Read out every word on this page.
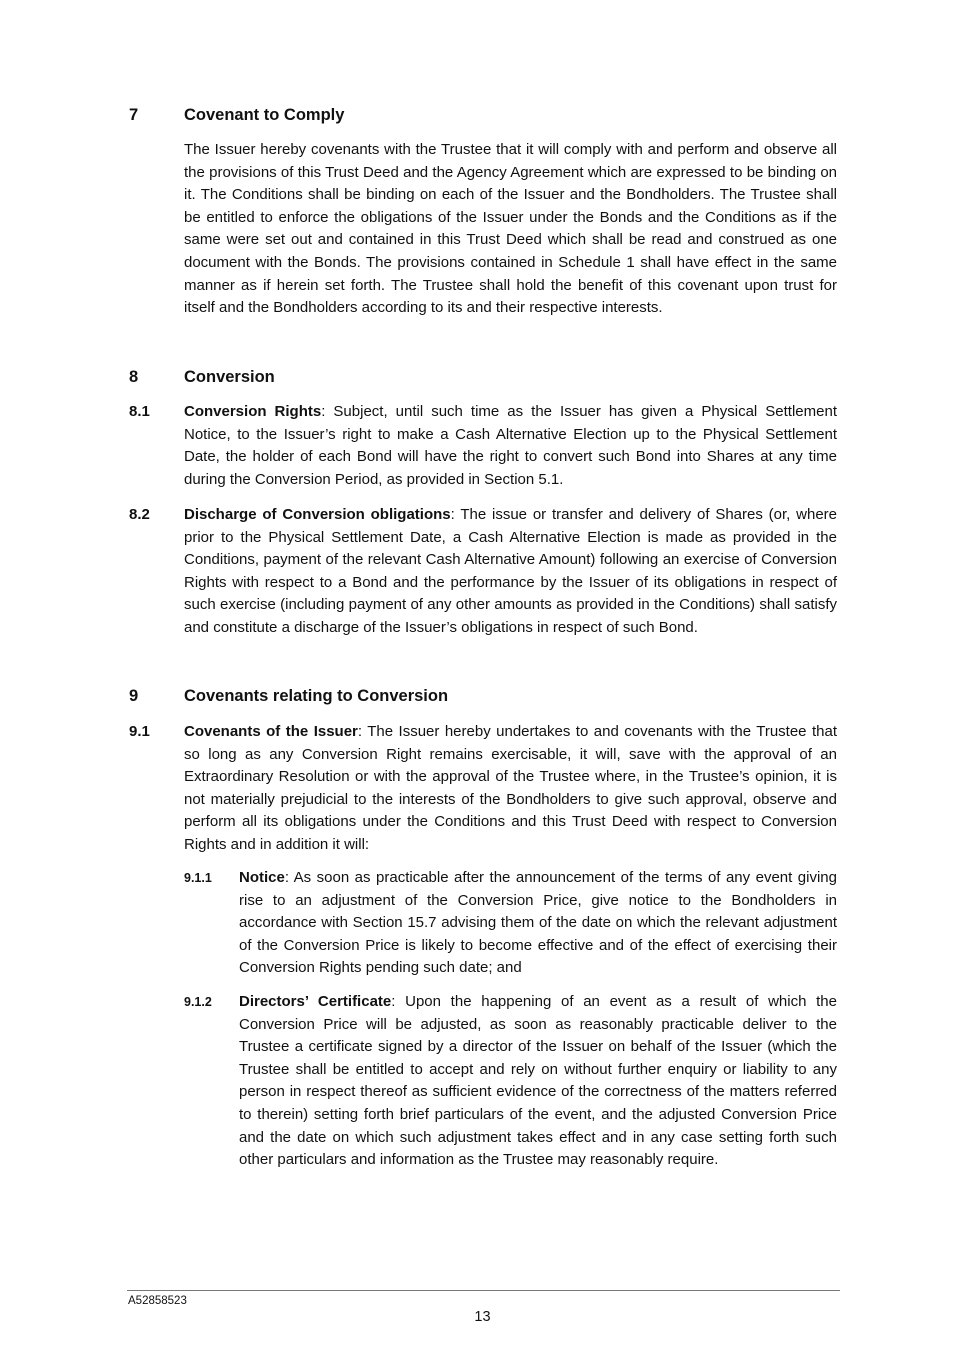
7	Covenant to Comply
The Issuer hereby covenants with the Trustee that it will comply with and perform and observe all the provisions of this Trust Deed and the Agency Agreement which are expressed to be binding on it. The Conditions shall be binding on each of the Issuer and the Bondholders. The Trustee shall be entitled to enforce the obligations of the Issuer under the Bonds and the Conditions as if the same were set out and contained in this Trust Deed which shall be read and construed as one document with the Bonds. The provisions contained in Schedule 1 shall have effect in the same manner as if herein set forth. The Trustee shall hold the benefit of this covenant upon trust for itself and the Bondholders according to its and their respective interests.
8	Conversion
8.1 Conversion Rights: Subject, until such time as the Issuer has given a Physical Settlement Notice, to the Issuer’s right to make a Cash Alternative Election up to the Physical Settlement Date, the holder of each Bond will have the right to convert such Bond into Shares at any time during the Conversion Period, as provided in Section 5.1.
8.2 Discharge of Conversion obligations: The issue or transfer and delivery of Shares (or, where prior to the Physical Settlement Date, a Cash Alternative Election is made as provided in the Conditions, payment of the relevant Cash Alternative Amount) following an exercise of Conversion Rights with respect to a Bond and the performance by the Issuer of its obligations in respect of such exercise (including payment of any other amounts as provided in the Conditions) shall satisfy and constitute a discharge of the Issuer’s obligations in respect of such Bond.
9	Covenants relating to Conversion
9.1 Covenants of the Issuer: The Issuer hereby undertakes to and covenants with the Trustee that so long as any Conversion Right remains exercisable, it will, save with the approval of an Extraordinary Resolution or with the approval of the Trustee where, in the Trustee’s opinion, it is not materially prejudicial to the interests of the Bondholders to give such approval, observe and perform all its obligations under the Conditions and this Trust Deed with respect to Conversion Rights and in addition it will:
9.1.1 Notice: As soon as practicable after the announcement of the terms of any event giving rise to an adjustment of the Conversion Price, give notice to the Bondholders in accordance with Section 15.7 advising them of the date on which the relevant adjustment of the Conversion Price is likely to become effective and of the effect of exercising their Conversion Rights pending such date; and
9.1.2 Directors’ Certificate: Upon the happening of an event as a result of which the Conversion Price will be adjusted, as soon as reasonably practicable deliver to the Trustee a certificate signed by a director of the Issuer on behalf of the Issuer (which the Trustee shall be entitled to accept and rely on without further enquiry or liability to any person in respect thereof as sufficient evidence of the correctness of the matters referred to therein) setting forth brief particulars of the event, and the adjusted Conversion Price and the date on which such adjustment takes effect and in any case setting forth such other particulars and information as the Trustee may reasonably require.
A52858523
13
